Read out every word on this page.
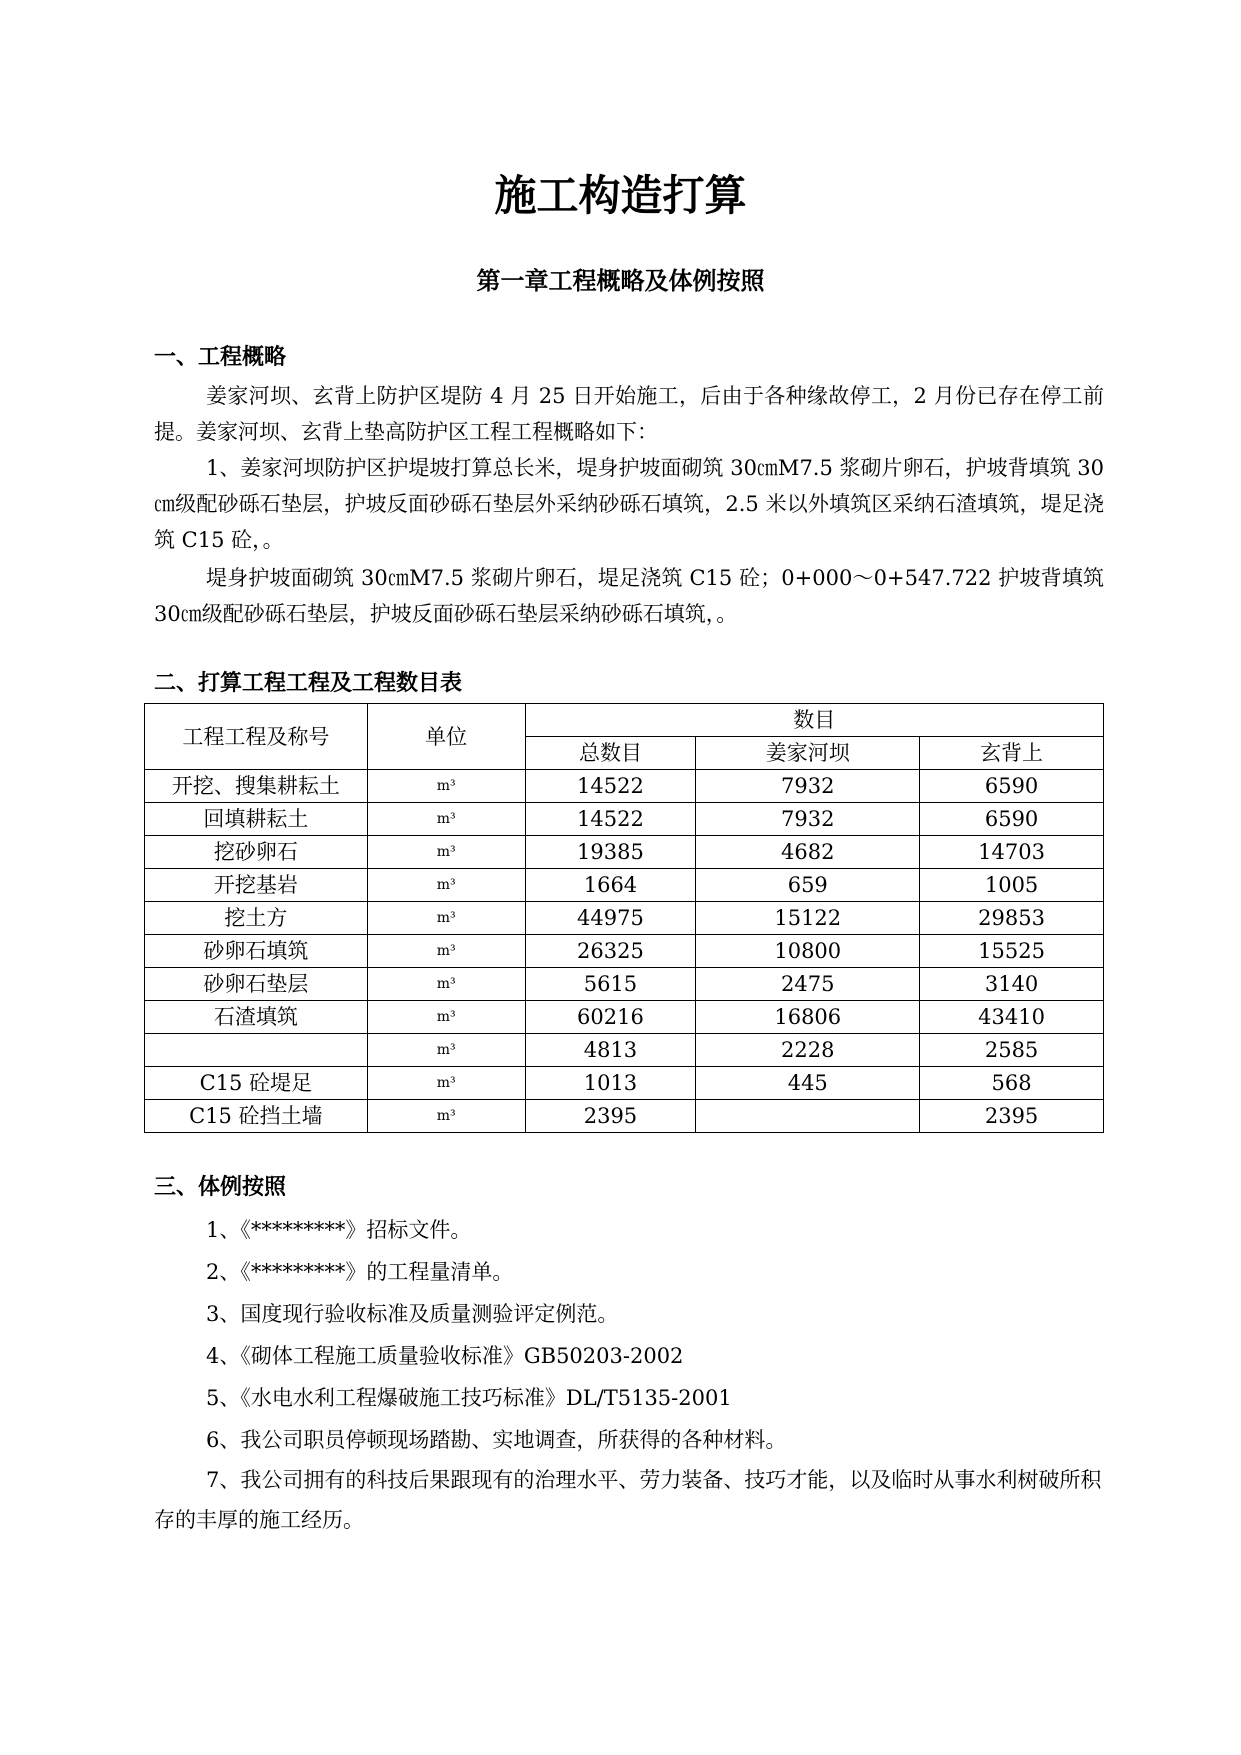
施工构造打算
第一章工程概略及体例按照
一、工程概略
姜家河坝、玄背上防护区堤防 4 月 25 日开始施工，后由于各种缘故停工，2 月份已存在停工前提。姜家河坝、玄背上垫高防护区工程工程概略如下：
1、姜家河坝防护区护堤坡打算总长米，堤身护坡面砌筑 30㎝M7.5 浆砌片卵石，护坡背填筑 30㎝级配砂砾石垫层，护坡反面砂砾石垫层外采纳砂砾石填筑，2.5 米以外填筑区采纳石渣填筑，堤足浇筑 C15 砼，。
堤身护坡面砌筑 30㎝M7.5 浆砌片卵石，堤足浇筑 C15 砼；0+000～0+547.722 护坡背填筑 30㎝级配砂砾石垫层，护坡反面砂砾石垫层采纳砂砾石填筑，。
二、打算工程工程及工程数目表
工程工程及称号	单位	数目		
		总数目	姜家河坝	玄背上
开挖、搜集耕耘土	m³	14522	7932	6590
回填耕耘土	m³	14522	7932	6590
挖砂卵石	m³	19385	4682	14703
开挖基岩	m³	1664	659	1005
挖土方	m³	44975	15122	29853
砂卵石填筑	m³	26325	10800	15525
砂卵石垫层	m³	5615	2475	3140
石渣填筑	m³	60216	16806	43410
	m³	4813	2228	2585
C15 砼堤足	m³	1013	445	568
C15 砼挡土墙	m³	2395		2395
三、体例按照
1、《*********》招标文件。
2、《*********》的工程量清单。
3、国度现行验收标准及质量测验评定例范。
4、《砌体工程施工质量验收标准》GB50203-2002
5、《水电水利工程爆破施工技巧标准》DL/T5135-2001
6、我公司职员停顿现场踏勘、实地调查，所获得的各种材料。
7、我公司拥有的科技后果跟现有的治理水平、劳力装备、技巧才能，以及临时从事水利树破所积存的丰厚的施工经历。
